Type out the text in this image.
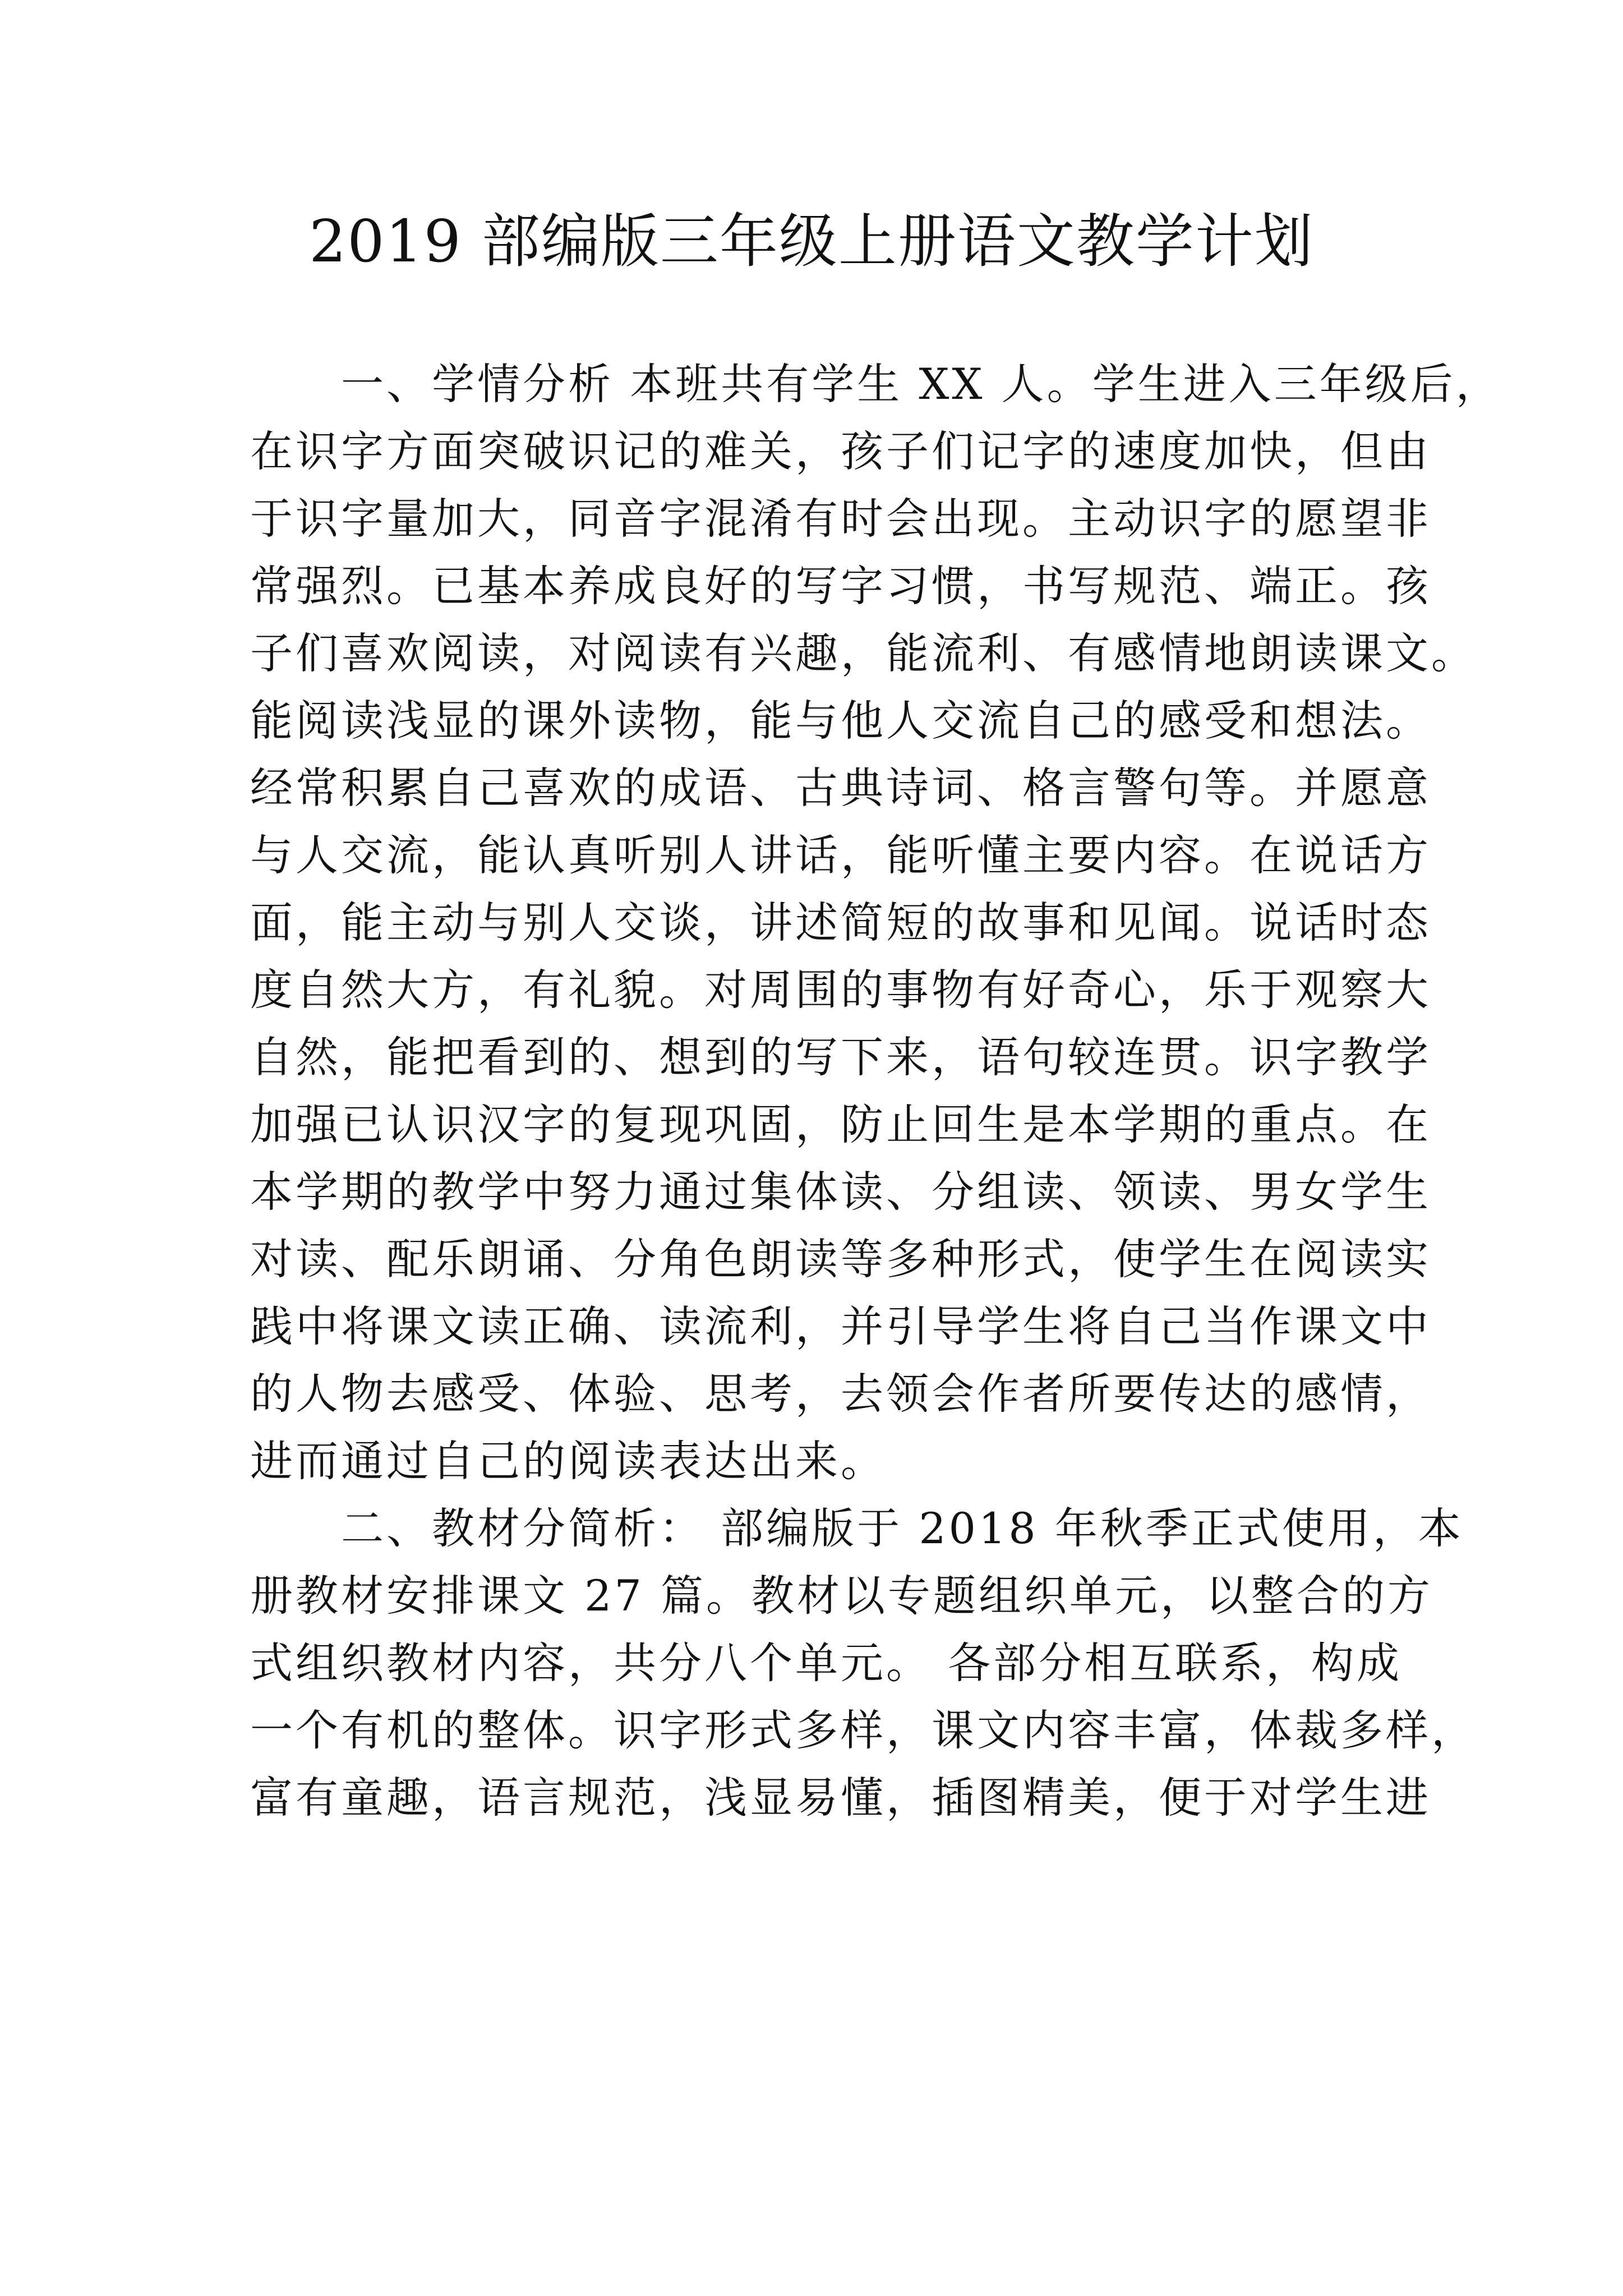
2019 部编版三年级上册语文教学计划
　　一、学情分析 本班共有学生 XX 人。学生进入三年级后，
在识字方面突破识记的难关，孩子们记字的速度加快，但由
于识字量加大，同音字混淆有时会出现。主动识字的愿望非
常强烈。已基本养成良好的写字习惯，书写规范、端正。孩
子们喜欢阅读，对阅读有兴趣，能流利、有感情地朗读课文。
能阅读浅显的课外读物，能与他人交流自己的感受和想法。
经常积累自己喜欢的成语、古典诗词、格言警句等。并愿意
与人交流，能认真听别人讲话，能听懂主要内容。在说话方
面，能主动与别人交谈，讲述简短的故事和见闻。说话时态
度自然大方，有礼貌。对周围的事物有好奇心，乐于观察大
自然，能把看到的、想到的写下来，语句较连贯。识字教学
加强已认识汉字的复现巩固，防止回生是本学期的重点。在
本学期的教学中努力通过集体读、分组读、领读、男女学生
对读、配乐朗诵、分角色朗读等多种形式，使学生在阅读实
践中将课文读正确、读流利，并引导学生将自己当作课文中
的人物去感受、体验、思考，去领会作者所要传达的感情，
进而通过自己的阅读表达出来。
　　二、教材分简析： 部编版于 2018 年秋季正式使用，本
册教材安排课文 27 篇。教材以专题组织单元，以整合的方
式组织教材内容，共分八个单元。 各部分相互联系，构成
一个有机的整体。识字形式多样，课文内容丰富，体裁多样，
富有童趣，语言规范，浅显易懂，插图精美，便于对学生进
